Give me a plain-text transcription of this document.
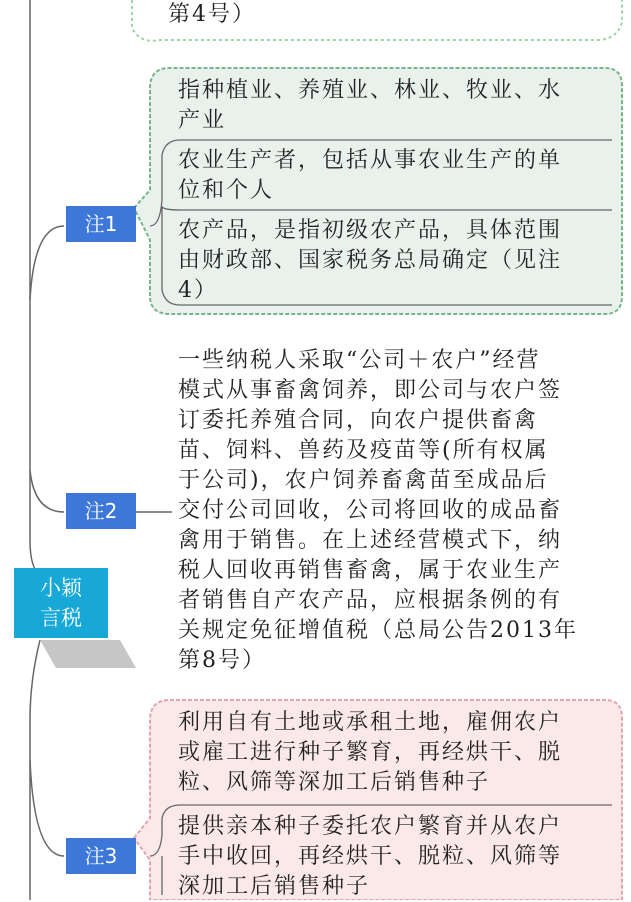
第4号）
注1
指种植业、养殖业、林业、牧业、水
产业
农业生产者，包括从事农业生产的单
位和个人
农产品，是指初级农产品，具体范围
由财政部、国家税务总局确定（见注
4）
注2
一些纳税人采取“公司＋农户”经营
模式从事畜禽饲养，即公司与农户签
订委托养殖合同，向农户提供畜禽
苗、饲料、兽药及疫苗等(所有权属
于公司)，农户饲养畜禽苗至成品后
交付公司回收，公司将回收的成品畜
禽用于销售。在上述经营模式下，纳
税人回收再销售畜禽，属于农业生产
者销售自产农产品，应根据条例的有
关规定免征增值税（总局公告2013年
第8号）
小颖
言税
注3
利用自有土地或承租土地，雇佣农户
或雇工进行种子繁育，再经烘干、脱
粒、风筛等深加工后销售种子
提供亲本种子委托农户繁育并从农户
手中收回，再经烘干、脱粒、风筛等
深加工后销售种子
